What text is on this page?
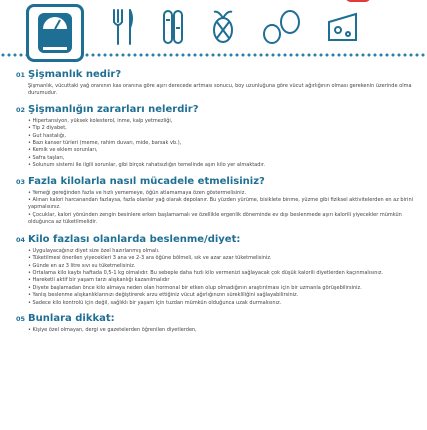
01 Şişmanlık nedir?

Şişmanlık, vücuttaki yağ oranının kas oranına göre aşırı derecede artması sonucu, boy uzunluğuna göre vücut ağırlığının olması gerekenin üzerinde olma durumudur.

02 Şişmanlığın zararları nelerdir?
• Hipertansiyon, yüksek kolesterol, inme, kalp yetmezliği,
• Tip 2 diyabet,
• Gut hastalığı,
• Bazı kanser türleri (meme, rahim duvarı, mide, barsak vb.),
• Kemik ve eklem sorunları,
• Safra taşları,
• Solunum sistemi ile ilgili sorunlar, gibi birçok rahatsızlığın temelinde aşırı kilo yer almaktadır.
03 Fazla kilolarla nasıl mücadele etmelisiniz?
• Yemeği gereğinden fazla ve hızlı yememeye, öğün atlamamaya özen göstermelisiniz.
• Alınan kalori harcanandan fazlaysa, fazla olanlar yağ olarak depolanır. Bu yüzden yürüme, bisiklete binme, yüzme gibi fiziksel aktivitelerden en az birini yapmalısınız.
• Çocuklar, kalori yönünden zengin besinlere erken başlamamalı ve özellikle ergenlik döneminde ev dışı beslenmede aşırı kalorili yiyecekler mümkün olduğunca az tüketilmelidir.
04 Kilo fazlası olanlarda beslenme/diyet:
• Uygulayacağınız diyet size özel hazırlanmış olmalı.
• Tüketilmesi önerilen yiyecekleri 3 ana ve 2-3 ara öğüne bölmeli, sık ve azar azar tüketmelisiniz.
• Günde en az 3 litre sıvı su tüketmelisiniz.
• Ortalama kilo kaybı haftada 0,5-1 kg olmalıdır. Bu sebeple daha hızlı kilo vermenizi sağlayacak çok düşük kalorili diyetlerden kaçınmalısınız.
• Hareketli aktif bir yaşam tarzı alışkanlığı kazanılmalıdır
• Diyete başlamadan önce kilo almaya neden olan hormonal bir etken olup olmadığının araştırılması için bir uzmanla görüşebilirsiniz.
• Yanlış beslenme alışkanlıklarınızı değiştirerek arzu ettiğiniz vücut ağırlığınızın sürekliliğini sağlayabilirsiniz.
• Sadece kilo kontrolü için değil, sağlıklı bir yaşam için tuzdan mümkün olduğunca uzak durmalısınız.
05 Bunlara dikkat:
• Kişiye özel olmayan, dergi ve gazetelerden öğrenilen diyetlerden,
